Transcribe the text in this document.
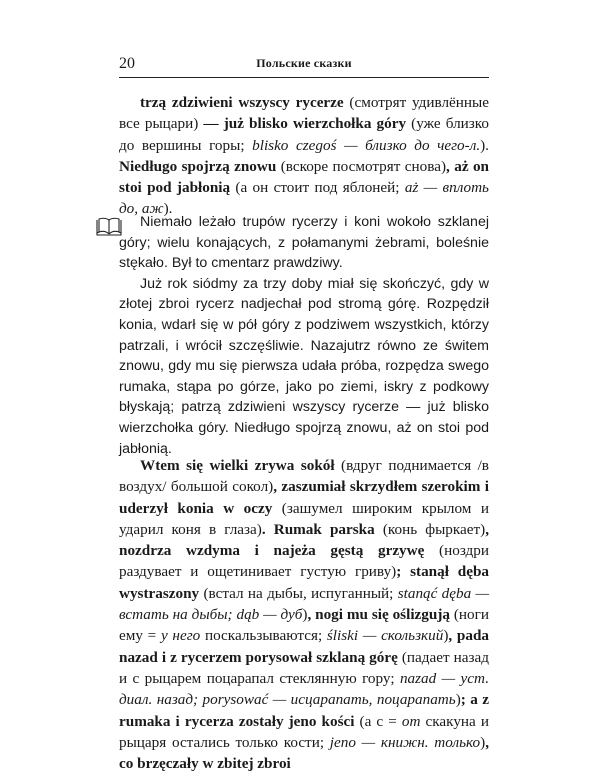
20	Польские сказки

trzą zdziwieni wszyscy rycerze (смотрят удивлённые все рыцари) — już blisko wierzchołka góry (уже близко до вершины горы; blisko czegoś — близко до чего-л.). Niedługo spojrzą znowu (вскоре посмотрят снова), aż on stoi pod jabłonią (а он стоит под яблоней; aż — вплоть до, аж).

Niemało leżało trupów rycerzy i koni wokoło szklanej góry; wielu konających, z połamanymi żebrami, boleśnie stękało. Był to cmentarz prawdziwy.

Już rok siódmy za trzy doby miał się skończyć, gdy w złotej zbroi rycerz nadjechał pod stromą górę. Rozpędził konia, wdarł się w pół góry z podziwem wszystkich, którzy patrzali, i wrócił szczęśliwie. Nazajutrz równo ze świtem znowu, gdy mu się pierwsza udała próba, rozpędza swego rumaka, stąpa po górze, jako po ziemi, iskry z podkowy błyskają; patrzą zdziwieni wszyscy rycerze — już blisko wierzchołka góry. Niedługo spojrzą znowu, aż on stoi pod jabłonią.

Wtem się wielki zrywa sokół (вдруг поднимается /в воздух/ большой сокол), zaszumiał skrzydłem szerokim i uderzył konia w oczy (зашумел широким крылом и ударил коня в глаза). Rumak parska (конь фыркает), nozdrza wzdyma i najeża gęstą grzywę (ноздри раздувает и ощетинивает густую гриву); stanął dęba wystraszony (встал на дыбы, испуганный; stanąć dęba — встать на дыбы; dąb — дуб), nogi mu się oślizgują (ноги ему = у него поскальзываются; śliski — скользкий), pada nazad i z rycerzem porysował szklaną górę (падает назад и с рыцарем поцарапал стеклянную гору; nazad — уст. диал. назад; porysować — исцарапать, поцарапать); a z rumaka i rycerza zostały jeno kości (а с = от скакуна и рыцаря остались только кости; jeno — книжн. только), co brzęczały w zbitej zbroi
